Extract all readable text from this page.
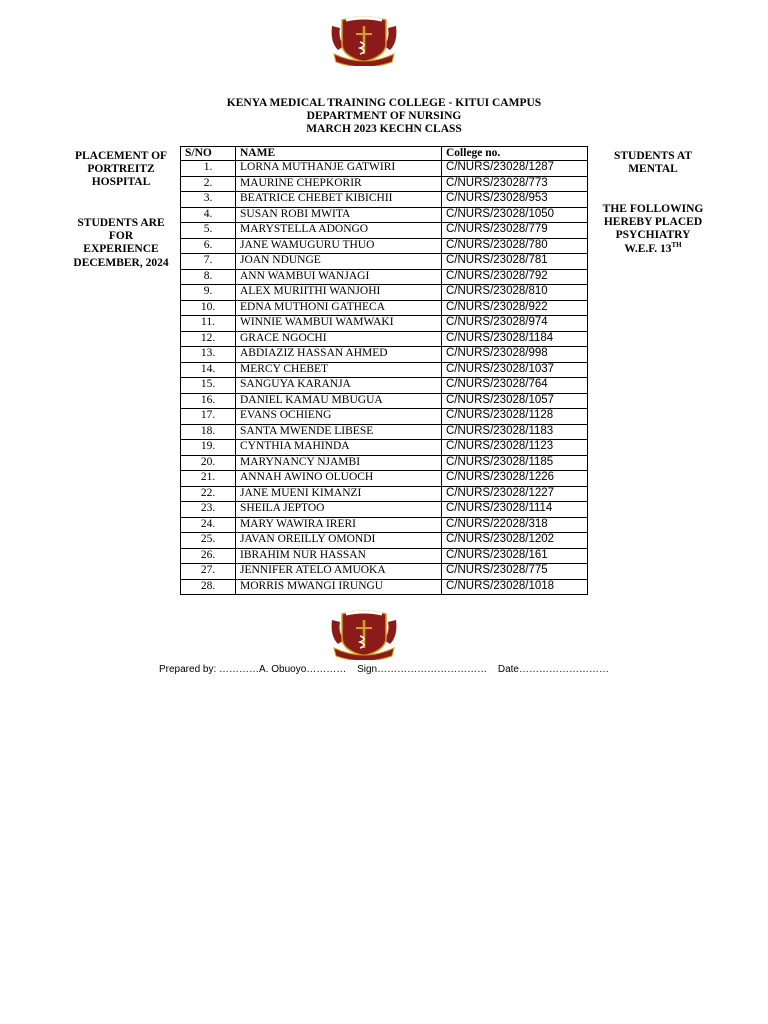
KENYA MEDICAL TRAINING COLLEGE - KITUI CAMPUS
DEPARTMENT OF NURSING
MARCH 2023 KECHN CLASS
PLACEMENT OF
PORTREITZ
HOSPITAL
STUDENTS ARE
FOR
EXPERIENCE
DECEMBER, 2024
STUDENTS AT
MENTAL
THE FOLLOWING
HEREBY PLACED
PSYCHIATRY
W.E.F. 13TH
S/NO	NAME	College no.
1.	LORNA MUTHANJE GATWIRI	C/NURS/23028/1287
2.	MAURINE CHEPKORIR	C/NURS/23028/773
3.	BEATRICE CHEBET KIBICHII	C/NURS/23028/953
4.	SUSAN ROBI MWITA	C/NURS/23028/1050
5.	MARYSTELLA ADONGO	C/NURS/23028/779
6.	JANE WAMUGURU THUO	C/NURS/23028/780
7.	JOAN NDUNGE	C/NURS/23028/781
8.	ANN WAMBUI WANJAGI	C/NURS/23028/792
9.	ALEX MURIITHI WANJOHI	C/NURS/23028/810
10.	EDNA MUTHONI GATHECA	C/NURS/23028/922
11.	WINNIE WAMBUI WAMWAKI	C/NURS/23028/974
12.	GRACE NGOCHI	C/NURS/23028/1184
13.	ABDIAZIZ HASSAN AHMED	C/NURS/23028/998
14.	MERCY CHEBET	C/NURS/23028/1037
15.	SANGUYA KARANJA	C/NURS/23028/764
16.	DANIEL KAMAU MBUGUA	C/NURS/23028/1057
17.	EVANS OCHIENG	C/NURS/23028/1128
18.	SANTA MWENDE LIBESE	C/NURS/23028/1183
19.	CYNTHIA MAHINDA	C/NURS/23028/1123
20.	MARYNANCY NJAMBI	C/NURS/23028/1185
21.	ANNAH AWINO OLUOCH	C/NURS/23028/1226
22.	JANE MUENI KIMANZI	C/NURS/23028/1227
23.	SHEILA JEPTOO	C/NURS/23028/1114
24.	MARY WAWIRA IRERI	C/NURS/22028/318
25.	JAVAN OREILLY OMONDI	C/NURS/23028/1202
26.	IBRAHIM NUR HASSAN	C/NURS/23028/161
27.	JENNIFER ATELO AMUOKA	C/NURS/23028/775
28.	MORRIS MWANGI IRUNGU	C/NURS/23028/1018
Prepared by: …………A. Obuoyo………… Sign…………………………… Date………………………
